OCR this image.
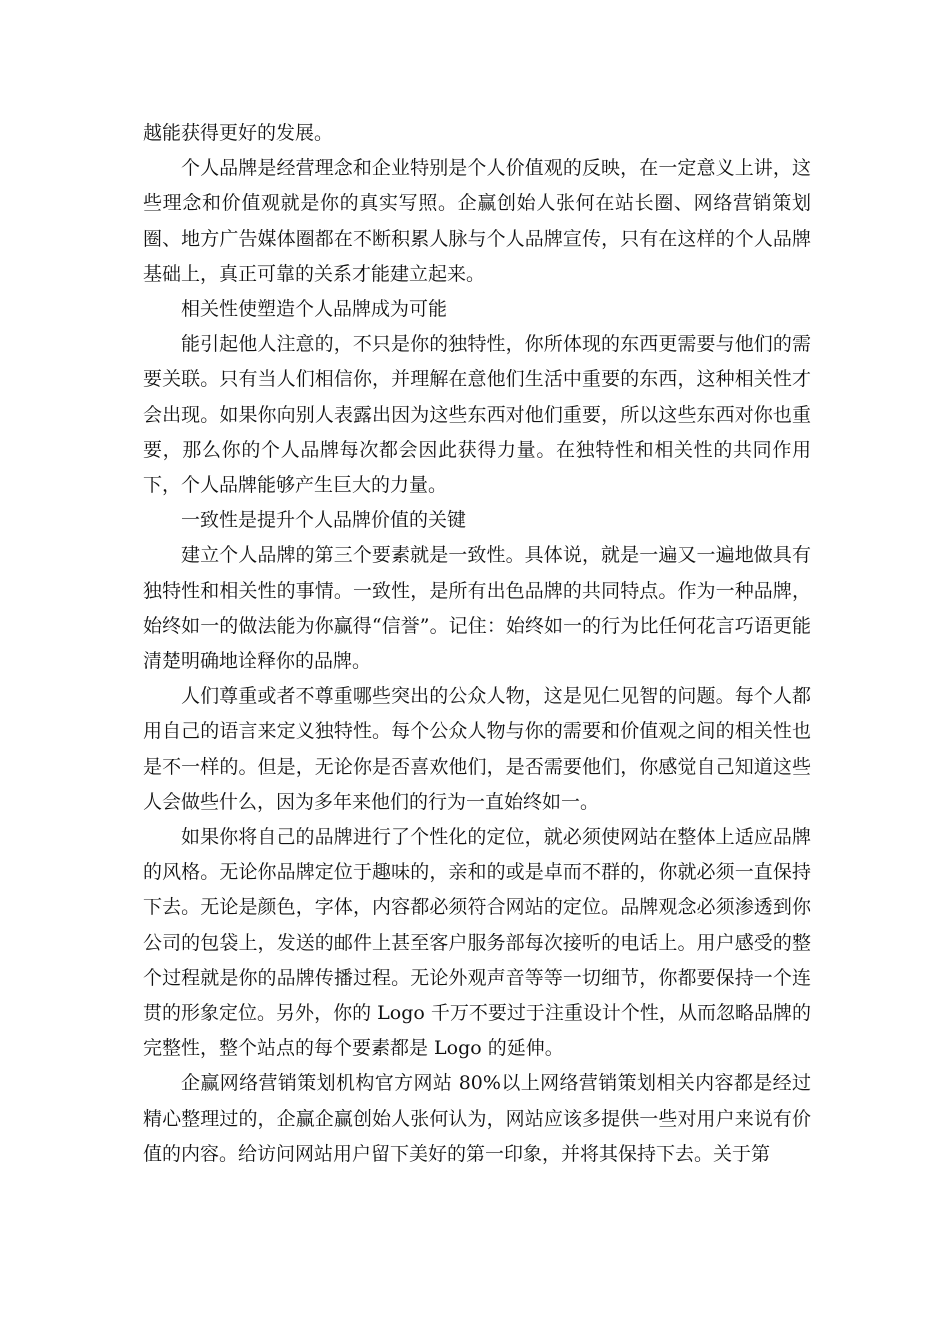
越能获得更好的发展。

个人品牌是经营理念和企业特别是个人价值观的反映，在一定意义上讲，这些理念和价值观就是你的真实写照。企赢创始人张何在站长圈、网络营销策划圈、地方广告媒体圈都在不断积累人脉与个人品牌宣传，只有在这样的个人品牌基础上，真正可靠的关系才能建立起来。

相关性使塑造个人品牌成为可能

能引起他人注意的，不只是你的独特性，你所体现的东西更需要与他们的需要关联。只有当人们相信你，并理解在意他们生活中重要的东西，这种相关性才会出现。如果你向别人表露出因为这些东西对他们重要，所以这些东西对你也重要，那么你的个人品牌每次都会因此获得力量。在独特性和相关性的共同作用下，个人品牌能够产生巨大的力量。

一致性是提升个人品牌价值的关键

建立个人品牌的第三个要素就是一致性。具体说，就是一遍又一遍地做具有独特性和相关性的事情。一致性，是所有出色品牌的共同特点。作为一种品牌，始终如一的做法能为你赢得“信誉”。记住：始终如一的行为比任何花言巧语更能清楚明确地诠释你的品牌。

人们尊重或者不尊重哪些突出的公众人物，这是见仁见智的问题。每个人都用自己的语言来定义独特性。每个公众人物与你的需要和价值观之间的相关性也是不一样的。但是，无论你是否喜欢他们，是否需要他们，你感觉自己知道这些人会做些什么，因为多年来他们的行为一直始终如一。

如果你将自己的品牌进行了个性化的定位，就必须使网站在整体上适应品牌的风格。无论你品牌定位于趣味的，亲和的或是卓而不群的，你就必须一直保持下去。无论是颜色，字体，内容都必须符合网站的定位。品牌观念必须渗透到你公司的包袋上，发送的邮件上甚至客户服务部每次接听的电话上。用户感受的整个过程就是你的品牌传播过程。无论外观声音等等一切细节，你都要保持一个连贯的形象定位。另外，你的 Logo 千万不要过于注重设计个性，从而忽略品牌的完整性，整个站点的每个要素都是 Logo 的延伸。

企赢网络营销策划机构官方网站 80%以上网络营销策划相关内容都是经过精心整理过的，企赢企赢创始人张何认为，网站应该多提供一些对用户来说有价值的内容。给访问网站用户留下美好的第一印象，并将其保持下去。关于第
